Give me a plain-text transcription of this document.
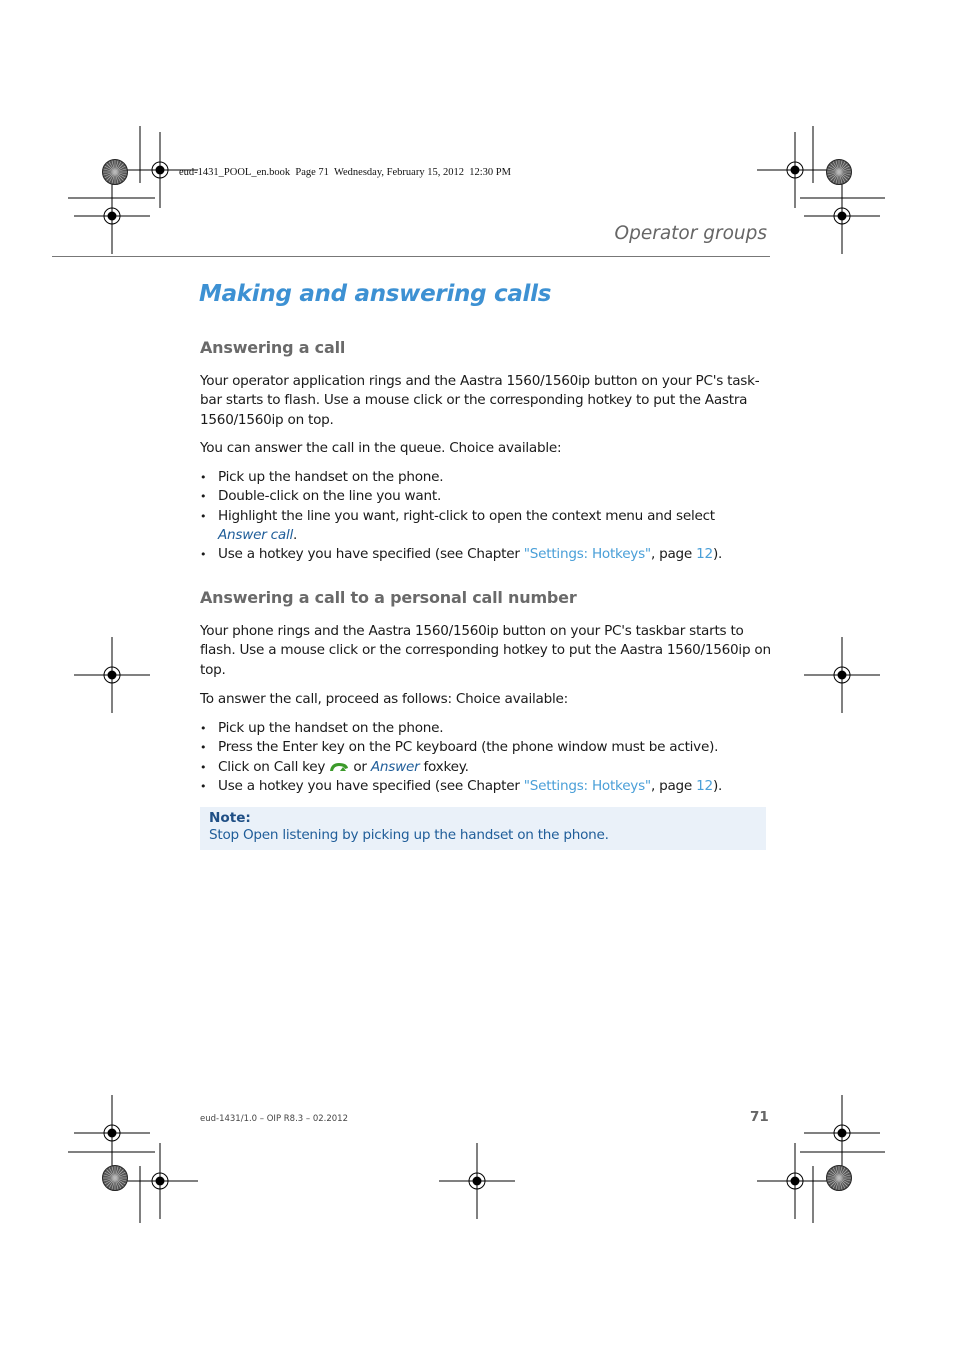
eud-1431_POOL_en.book  Page 71  Wednesday, February 15, 2012  12:30 PM
Operator groups
Making and answering calls
Answering a call
Your operator application rings and the Aastra 1560/1560ip button on your PC's task-bar starts to flash. Use a mouse click or the corresponding hotkey to put the Aastra 1560/1560ip on top.
You can answer the call in the queue. Choice available:
• Pick up the handset on the phone.
• Double-click on the line you want.
• Highlight the line you want, right-click to open the context menu and select
Answer call.
• Use a hotkey you have specified (see Chapter "Settings: Hotkeys", page 12).
Answering a call to a personal call number
Your phone rings and the Aastra 1560/1560ip button on your PC's taskbar starts to flash. Use a mouse click or the corresponding hotkey to put the Aastra 1560/1560ip on top.
To answer the call, proceed as follows: Choice available:
• Pick up the handset on the phone.
• Press the Enter key on the PC keyboard (the phone window must be active).
• Click on Call key  or Answer foxkey.
• Use a hotkey you have specified (see Chapter "Settings: Hotkeys", page 12).
Note:
Stop Open listening by picking up the handset on the phone.
eud-1431/1.0 – OIP R8.3 – 02.2012	71
